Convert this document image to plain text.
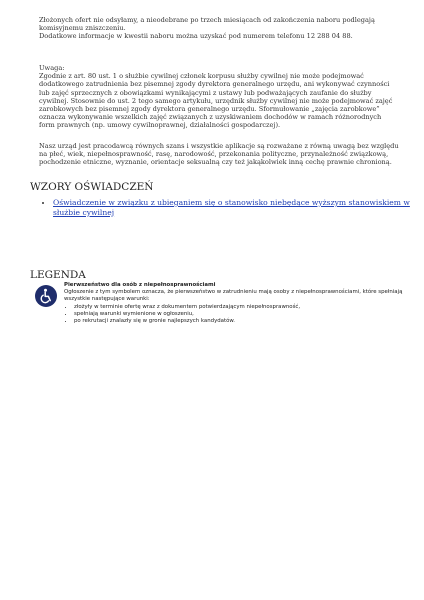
Złożonych ofert nie odsyłamy, a nieodebrane po trzech miesiącach od zakończenia naboru podlegają komisyjnemu zniszczeniu.
Dodatkowe informacje w kwestii naboru można uzyskać pod numerem telefonu 12 288 04 88.

Uwaga:
Zgodnie z art. 80 ust. 1 o służbie cywilnej członek korpusu służby cywilnej nie może podejmować dodatkowego zatrudnienia bez pisemnej zgody dyrektora generalnego urzędu, ani wykonywać czynności lub zajęć sprzecznych z obowiązkami wynikającymi z ustawy lub podważających zaufanie do służby cywilnej. Stosownie do ust. 2 tego samego artykułu, urzędnik służby cywilnej nie może podejmować zajęć zarobkowych bez pisemnej zgody dyrektora generalnego urzędu. Sformułowanie „zajęcia zarobkowe” oznacza wykonywanie wszelkich zajęć związanych z uzyskiwaniem dochodów w ramach różnorodnych form prawnych (np. umowy cywilnoprawnej, działalności gospodarczej).

Nasz urząd jest pracodawcą równych szans i wszystkie aplikacje są rozważane z równą uwagą bez względu na płeć, wiek, niepełnosprawność, rasę, narodowość, przekonania polityczne, przynależność związkową, pochodzenie etniczne, wyznanie, orientacje seksualną czy też jakąkolwiek inną cechę prawnie chronioną.

WZORY OŚWIADCZEŃ
• Oświadczenie w związku z ubieganiem się o stanowisko niebędące wyższym stanowiskiem w służbie cywilnej
LEGENDA

Pierwszeństwo dla osób z niepełnosprawnościami

Ogłoszenie z tym symbolem oznacza, że pierwszeństwo w zatrudnieniu mają osoby z niepełnosprawnościami, które spełniają wszystkie następujące warunki:

• złożyły w terminie ofertę wraz z dokumentem potwierdzającym niepełnosprawność,
• spełniają warunki wymienione w ogłoszeniu,
• po rekrutacji znalazły się w gronie najlepszych kandydatów.
